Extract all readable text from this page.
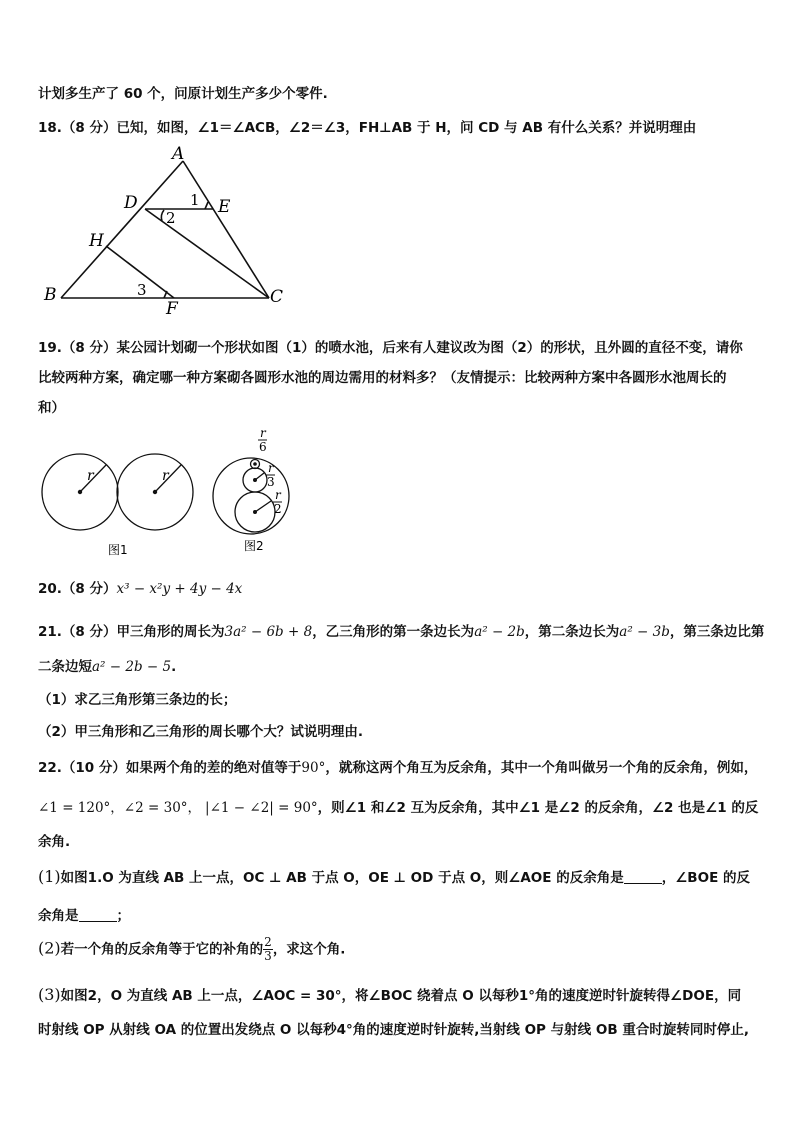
计划多生产了 60 个，问原计划生产多少个零件.
18.（8 分）已知，如图，∠1＝∠ACB，∠2＝∠3，FH⊥AB 于 H，问 CD 与 AB 有什么关系？并说明理由
A
D	E
H
B	C
F
1
2
3
19.（8 分）某公园计划砌一个形状如图（1）的喷水池，后来有人建议改为图（2）的形状，且外圆的直径不变，请你
比较两种方案，确定哪一种方案砌各圆形水池的周边需用的材料多？（友情提示：比较两种方案中各圆形水池周长的
和）
r	r
图1
r
6
r
3
r
2
图2
20.（8 分）x³ − x²y + 4y − 4x
21.（8 分）甲三角形的周长为3a² − 6b + 8，乙三角形的第一条边长为a² − 2b，第二条边长为a² − 3b，第三条边比第
二条边短a² − 2b − 5.
（1）求乙三角形第三条边的长；
（2）甲三角形和乙三角形的周长哪个大？试说明理由.
22.（10 分）如果两个角的差的绝对值等于90°，就称这两个角互为反余角，其中一个角叫做另一个角的反余角，例如，
∠1 = 120°，∠2 = 30°， |∠1 − ∠2| = 90°，则∠1 和∠2 互为反余角，其中∠1 是∠2 的反余角，∠2 也是∠1 的反
余角.
(1)如图1.O 为直线 AB 上一点，OC ⊥ AB 于点 O，OE ⊥ OD 于点 O，则∠AOE 的反余角是	，∠BOE 的反
余角是	；
(2)若一个角的反余角等于它的补角的 $\frac{2}{3}$ ，求这个角.
(3)如图2，O 为直线 AB 上一点，∠AOC = 30°，将∠BOC 绕着点 O 以每秒1°角的速度逆时针旋转得∠DOE，同
时射线 OP 从射线 OA 的位置出发绕点 O 以每秒4°角的速度逆时针旋转,当射线 OP 与射线 OB 重合时旋转同时停止,
